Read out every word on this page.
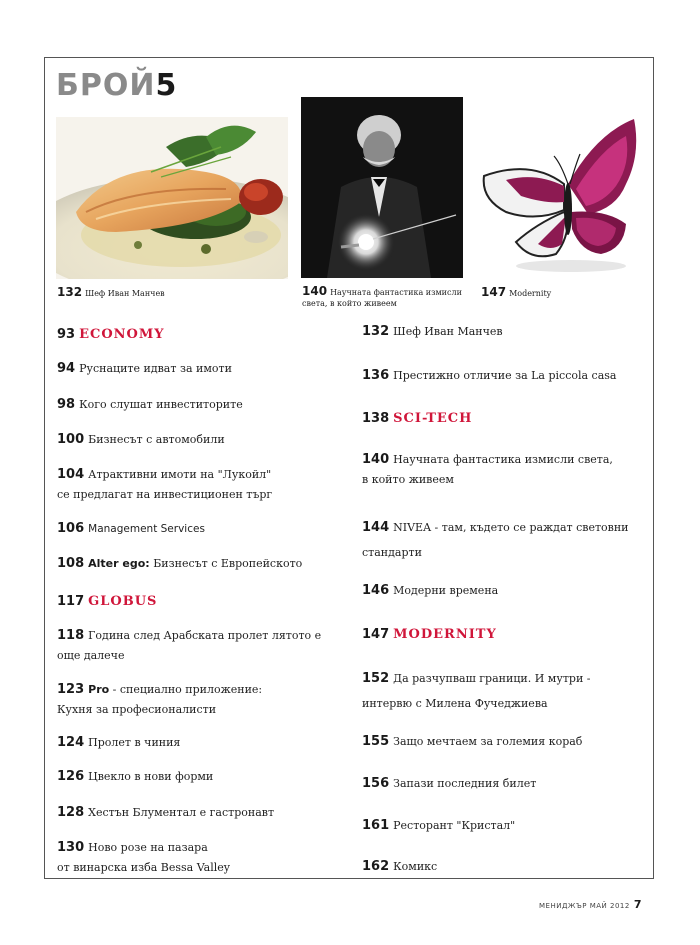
БРОЙ5
132 Шеф Иван Манчев	140 Научната фантастика измисли света, в който живеем
147 Modernity
93 ECONOMY
94 Руснаците идват за имоти
98 Кого слушат инвеститорите
100 Бизнесът с автомобили
104 Атрактивни имоти на "Лукойл"
се предлагат на инвестиционен търг
106 Management Services
108 Alter ego: Бизнесът с Европейското
117 GLOBUS
118 Година след Арабската пролет лятото е
още далече
123 Pro - специално приложение:
Кухня за професионалисти
124 Пролет в чиния
126 Цвекло в нови форми
128 Хестън Блументал е гастронавт
130 Ново розе на пазара
от винарска изба Bessa Valley
132 Шеф Иван Манчев
136 Престижно отличие за La piccola casa
138 SCI-TECH
140 Научната фантастика измисли света,
в който живеем
144 NIVEA - там, където се раждат световни
стандарти
146 Модерни времена
147 MODERNITY
152 Да разчупваш граници. И мутри -
интервю с Милена Фучеджиева
155 Защо мечтаем за големия кораб
156 Запази последния билет
161 Ресторант "Кристал"
162 Комикс
МЕНИДЖЪР МАЙ 2012 7
